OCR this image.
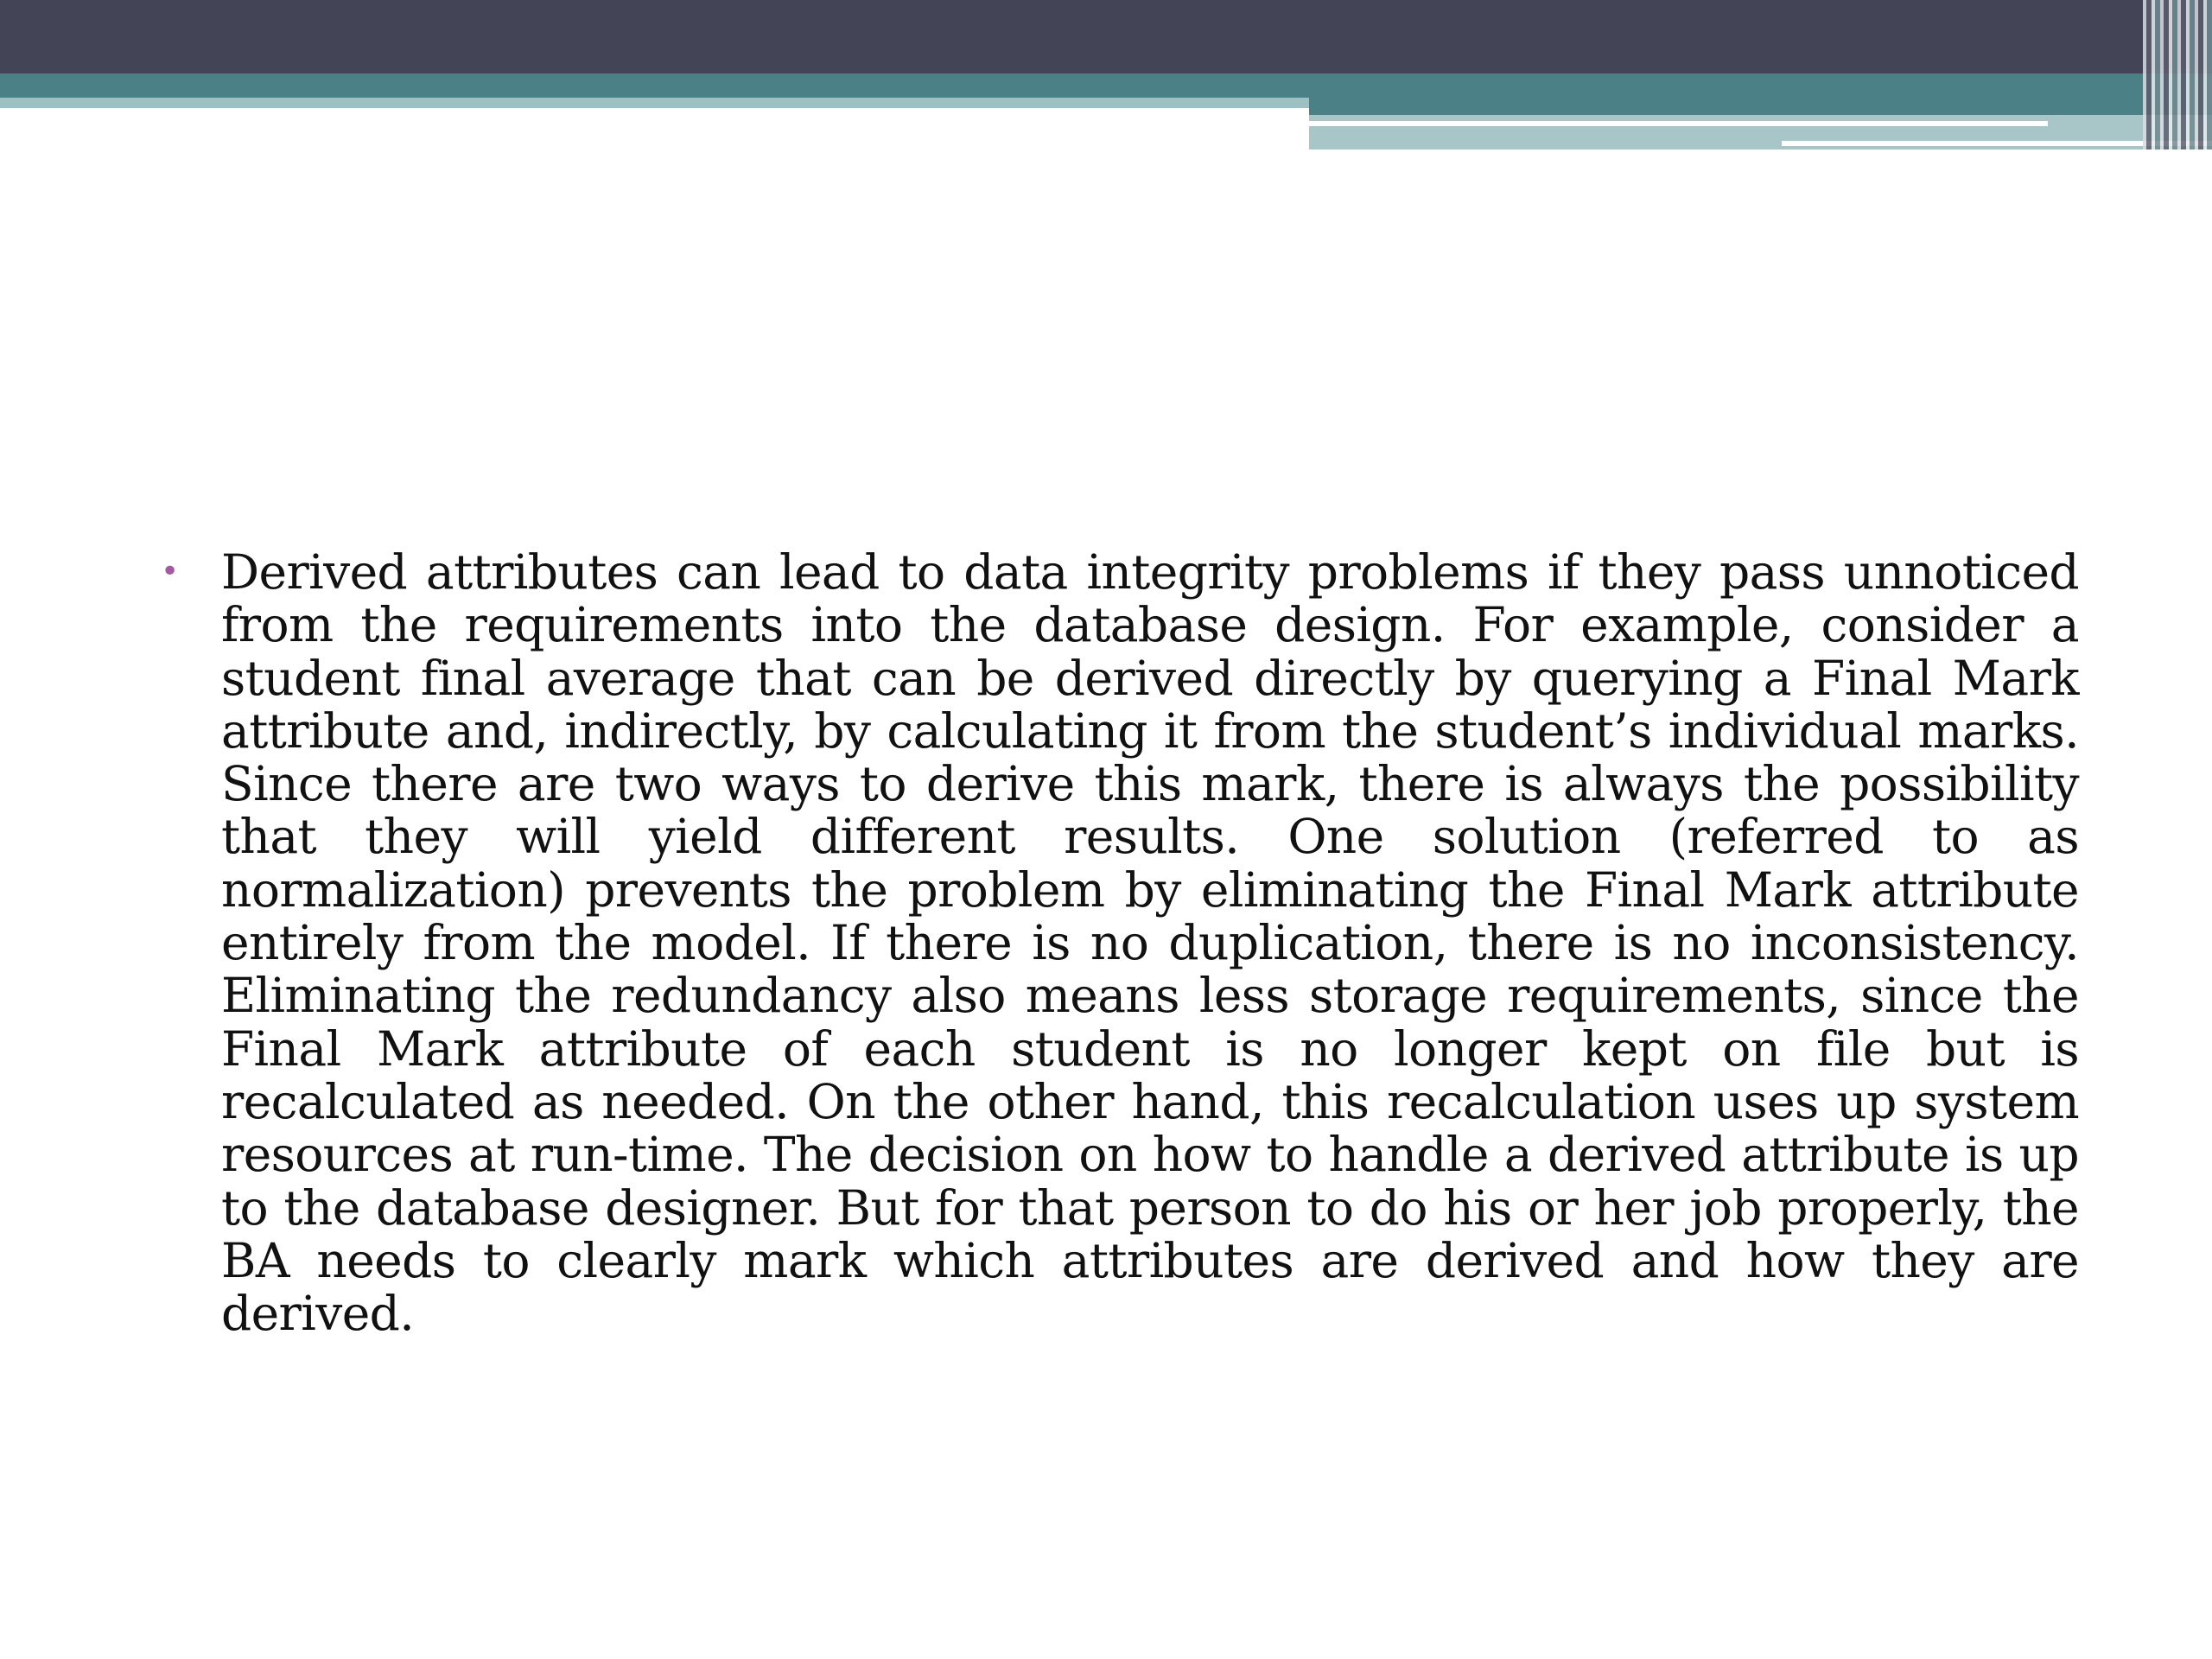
• Derived attributes can lead to data integrity problems if they pass unnoticed from the requirements into the database design. For example, consider a student final average that can be derived directly by querying a Final Mark attribute and, indirectly, by calculating it from the student’s individual marks. Since there are two ways to derive this mark, there is always the possibility that they will yield different results. One solution (referred to as normalization) prevents the problem by eliminating the Final Mark attribute entirely from the model. If there is no duplication, there is no inconsistency. Eliminating the redundancy also means less storage requirements, since the Final Mark attribute of each student is no longer kept on file but is recalculated as needed. On the other hand, this recalculation uses up system resources at run-time. The decision on how to handle a derived attribute is up to the database designer. But for that person to do his or her job properly, the BA needs to clearly mark which attributes are derived and how they are derived.
